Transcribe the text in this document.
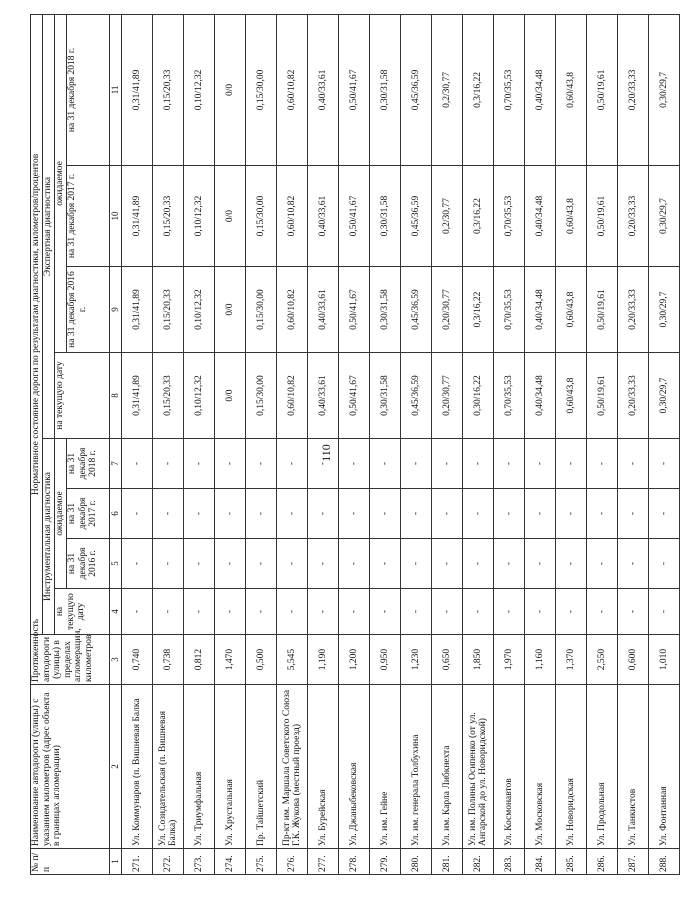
110
№ п/п	Наименование автодороги (улицы) с указанием километров (адрес объекта в границах агломерации)	Протяженность автодороги (улицы) в пределах агломерации, километров	Нормативное состояние дороги по результатам диагностики, километров/процентов							
			Инструментальная диагностика				Экспертная диагностика			
			на текущую дату	ожидаемое			на текущую дату	ожидаемое		
				на 31 декабря 2016 г.	на 31 декабря 2017 г.	на 31 декабря 2018 г.		на 31 декабря 2016 г.	на 31 декабря 2017 г.	на 31 декабря 2018 г.
1	2	3	4	5	6	7	8	9	10	11
271.	Ул. Коммунаров (п. Вишневая Балка	0,740	-	-	-	-	0,31/41,89	0,31/41,89	0,31/41,89	0,31/41,89
272.	Ул. Созидательская (п. Вишневая Балка)	0,738	-	-	-	-	0,15/20,33	0,15/20,33	0,15/20,33	0,15/20,33
273.	Ул. Триумфальная	0,812	-	-	-	-	0,10/12,32	0,10/12,32	0,10/12,32	0,10/12,32
274.	Ул. Хрустальная	1,470	-	-	-	-	0/0	0/0	0/0	0/0
275.	Пр. Тайшетский	0,500	-	-	-	-	0,15/30,00	0,15/30,00	0,15/30,00	0,15/30,00
276.	Пр-кт им. Маршала Советского Союза Г.К. Жукова (местный проезд)	5,545	-	-	-	-	0,60/10,82	0,60/10,82	0,60/10,82	0,60/10,82
277.	Ул. Бурейская	1,190	-	-	-	-	0,40/33,61	0,40/33,61	0,40/33,61	0,40/33,61
278.	Ул. Джаныбековская	1,200	-	-	-	-	0,50/41,67	0,50/41,67	0,50/41,67	0,50/41,67
279.	Ул. им. Гейне	0,950	-	-	-	-	0,30/31,58	0,30/31,58	0,30/31,58	0,30/31,58
280.	Ул. им. генерала Толбухина	1,230	-	-	-	-	0,45/36,59	0,45/36,59	0,45/36,59	0,45/36,59
281.	Ул. им. Карла Либкнехта	0,650	-	-	-	-	0,20/30,77	0,20/30,77	0,2/30,77	0,2/30,77
282.	Ул. им. Полины Осипенко (от ул. Ангарской до ул. Новоридской)	1,850	-	-	-	-	0,30/16,22	0,3/16,22	0,3/16,22	0,3/16,22
283.	Ул. Космонавтов	1,970	-	-	-	-	0,70/35,53	0,70/35,53	0,70/35,53	0,70/35,53
284.	Ул. Московская	1,160	-	-	-	-	0,40/34,48	0,40/34,48	0,40/34,48	0,40/34,48
285.	Ул. Новоридская	1,370	-	-	-	-	0,60/43,8	0,60/43,8	0,60/43,8	0,60/43,8
286.	Ул. Продольная	2,550	-	-	-	-	0,50/19,61	0,50/19,61	0,50/19,61	0,50/19,61
287.	Ул. Танкистов	0,600	-	-	-	-	0,20/33,33	0,20/33,33	0,20/33,33	0,20/33,33
288.	Ул. Фонтанная	1,010	-	-	-	-	0,30/29,7	0,30/29,7	0,30/29,7	0,30/29,7
